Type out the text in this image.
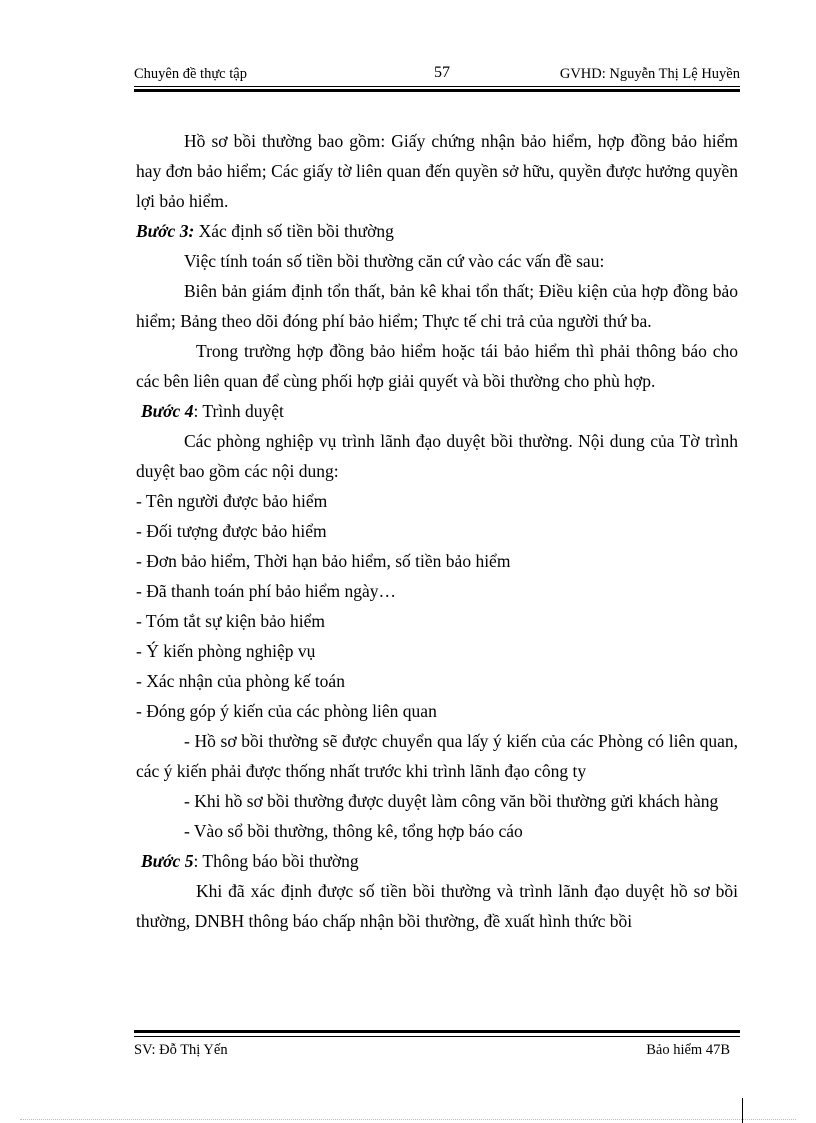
Chuyên đề thực tập	57	GVHD: Nguyễn Thị Lệ Huyền

Hồ sơ bồi thường bao gồm: Giấy chứng nhận bảo hiểm, hợp đồng bảo hiểm hay đơn bảo hiểm; Các giấy tờ liên quan đến quyền sở hữu, quyền được hưởng quyền lợi bảo hiểm.

Bước 3: Xác định số tiền bồi thường

Việc tính toán số tiền bồi thường căn cứ vào các vấn đề sau:

Biên bản giám định tổn thất, bản kê khai tổn thất; Điều kiện của hợp đồng bảo hiểm; Bảng theo dõi đóng phí bảo hiểm; Thực tế chi trả của người thứ ba.

Trong trường hợp đồng bảo hiểm hoặc tái bảo hiểm thì phải thông báo cho các bên liên quan để cùng phối hợp giải quyết và bồi thường cho phù hợp.

Bước 4: Trình duyệt

Các phòng nghiệp vụ trình lãnh đạo duyệt bồi thường. Nội dung của Tờ trình duyệt bao gồm các nội dung:

- Tên người được bảo hiểm

- Đối tượng được bảo hiểm

- Đơn bảo hiểm, Thời hạn bảo hiểm, số tiền bảo hiểm

- Đã thanh toán phí bảo hiểm ngày…

- Tóm tắt sự kiện bảo hiểm

- Ý kiến phòng nghiệp vụ

- Xác nhận của phòng kế toán

- Đóng góp ý kiến của các phòng liên quan

- Hồ sơ bồi thường sẽ được chuyển qua lấy ý kiến của các Phòng có liên quan, các ý kiến phải được thống nhất trước khi trình lãnh đạo công ty

- Khi hồ sơ bồi thường được duyệt làm công văn bồi thường gửi khách hàng

- Vào sổ bồi thường, thông kê, tổng hợp báo cáo

Bước 5: Thông báo bồi thường

Khi đã xác định được số tiền bồi thường và trình lãnh đạo duyệt hồ sơ bồi thường, DNBH thông báo chấp nhận bồi thường, đề xuất hình thức bồi

SV: Đỗ Thị Yến	Bảo hiểm 47B
